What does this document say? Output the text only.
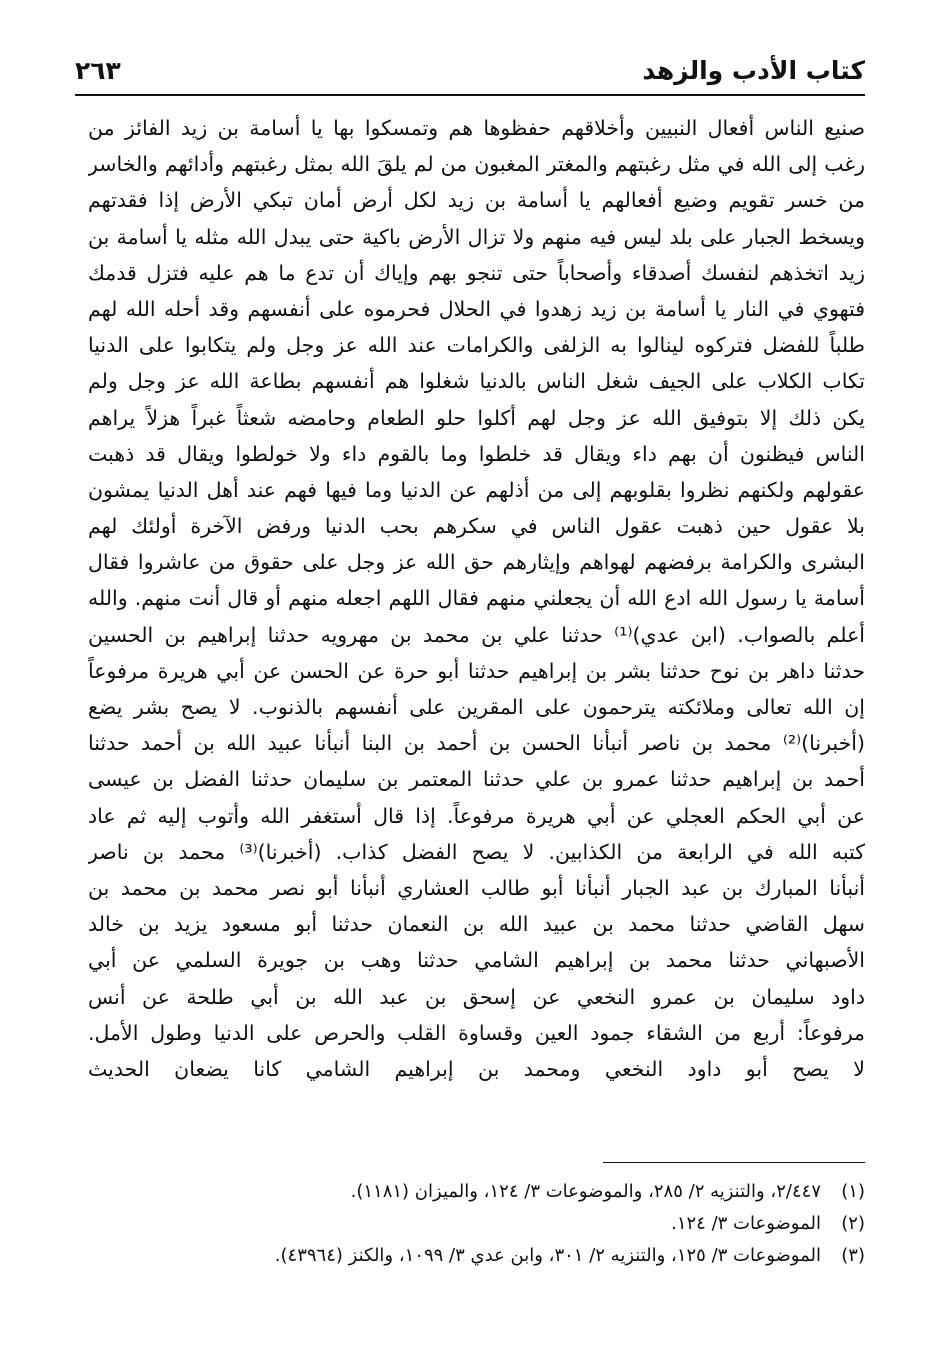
كتاب الأدب والزهد
٢٦٣
صنيع الناس أفعال النبيين وأخلاقهم حفظوها هم وتمسكوا بها يا أسامة بن زيد الفائز من
رغب إلى الله في مثل رغبتهم والمغتر المغبون من لم يلقَ الله بمثل رغبتهم وأدائهم والخاسر
من خسر تقويم وضيع أفعالهم يا أسامة بن زيد لكل أرض أمان تبكي الأرض إذا فقدتهم
ويسخط الجبار على بلد ليس فيه منهم ولا تزال الأرض باكية حتى يبدل الله مثله يا أسامة بن
زيد اتخذهم لنفسك أصدقاء وأصحاباً حتى تنجو بهم وإياك أن تدع ما هم عليه فتزل قدمك
فتهوي في النار يا أسامة بن زيد زهدوا في الحلال فحرموه على أنفسهم وقد أحله الله لهم
طلباً للفضل فتركوه لينالوا به الزلفى والكرامات عند الله عز وجل ولم يتكابوا على الدنيا
تكاب الكلاب على الجيف شغل الناس بالدنيا شغلوا هم أنفسهم بطاعة الله عز وجل ولم
يكن ذلك إلا بتوفيق الله عز وجل لهم أكلوا حلو الطعام وحامضه شعثاً غبراً هزلاً يراهم
الناس فيظنون أن بهم داء ويقال قد خلطوا وما بالقوم داء ولا خولطوا ويقال قد ذهبت
عقولهم ولكنهم نظروا بقلوبهم إلى من أذلهم عن الدنيا وما فيها فهم عند أهل الدنيا يمشون
بلا عقول حين ذهبت عقول الناس في سكرهم بحب الدنيا ورفض الآخرة أولئك لهم
البشرى والكرامة برفضهم لهواهم وإيثارهم حق الله عز وجل على حقوق من عاشروا فقال
أسامة يا رسول الله ادع الله أن يجعلني منهم فقال اللهم اجعله منهم أو قال أنت منهم. والله
أعلم بالصواب. (ابن عدي)⁽¹⁾ حدثنا علي بن محمد بن مهرويه حدثنا إبراهيم بن الحسين
حدثنا داهر بن نوح حدثنا بشر بن إبراهيم حدثنا أبو حرة عن الحسن عن أبي هريرة مرفوعاً
إن الله تعالى وملائكته يترحمون على المقرين على أنفسهم بالذنوب. لا يصح بشر يضع
(أخبرنا)⁽²⁾ محمد بن ناصر أنبأنا الحسن بن أحمد بن البنا أنبأنا عبيد الله بن أحمد حدثنا
أحمد بن إبراهيم حدثنا عمرو بن علي حدثنا المعتمر بن سليمان حدثنا الفضل بن عيسى
عن أبي الحكم العجلي عن أبي هريرة مرفوعاً. إذا قال أستغفر الله وأتوب إليه ثم عاد
كتبه الله في الرابعة من الكذابين. لا يصح الفضل كذاب. (أخبرنا)⁽³⁾ محمد بن ناصر
أنبأنا المبارك بن عبد الجبار أنبأنا أبو طالب العشاري أنبأنا أبو نصر محمد بن محمد بن
سهل القاضي حدثنا محمد بن عبيد الله بن النعمان حدثنا أبو مسعود يزيد بن خالد
الأصبهاني حدثنا محمد بن إبراهيم الشامي حدثنا وهب بن جويرة السلمي عن أبي
داود سليمان بن عمرو النخعي عن إسحق بن عبد الله بن أبي طلحة عن أنس
مرفوعاً: أربع من الشقاء جمود العين وقساوة القلب والحرص على الدنيا وطول الأمل.
لا يصح أبو داود النخعي ومحمد بن إبراهيم الشامي كانا يضعان الحديث
(١)٢/٤٤٧، والتنزيه ٢/ ٢٨٥، والموضوعات ٣/ ١٢٤، والميزان (١١٨١).
(٢)الموضوعات ٣/ ١٢٤.
(٣)الموضوعات ٣/ ١٢٥، والتنزيه ٢/ ٣٠١، وابن عدي ٣/ ١٠٩٩، والكنز (٤٣٩٦٤).
